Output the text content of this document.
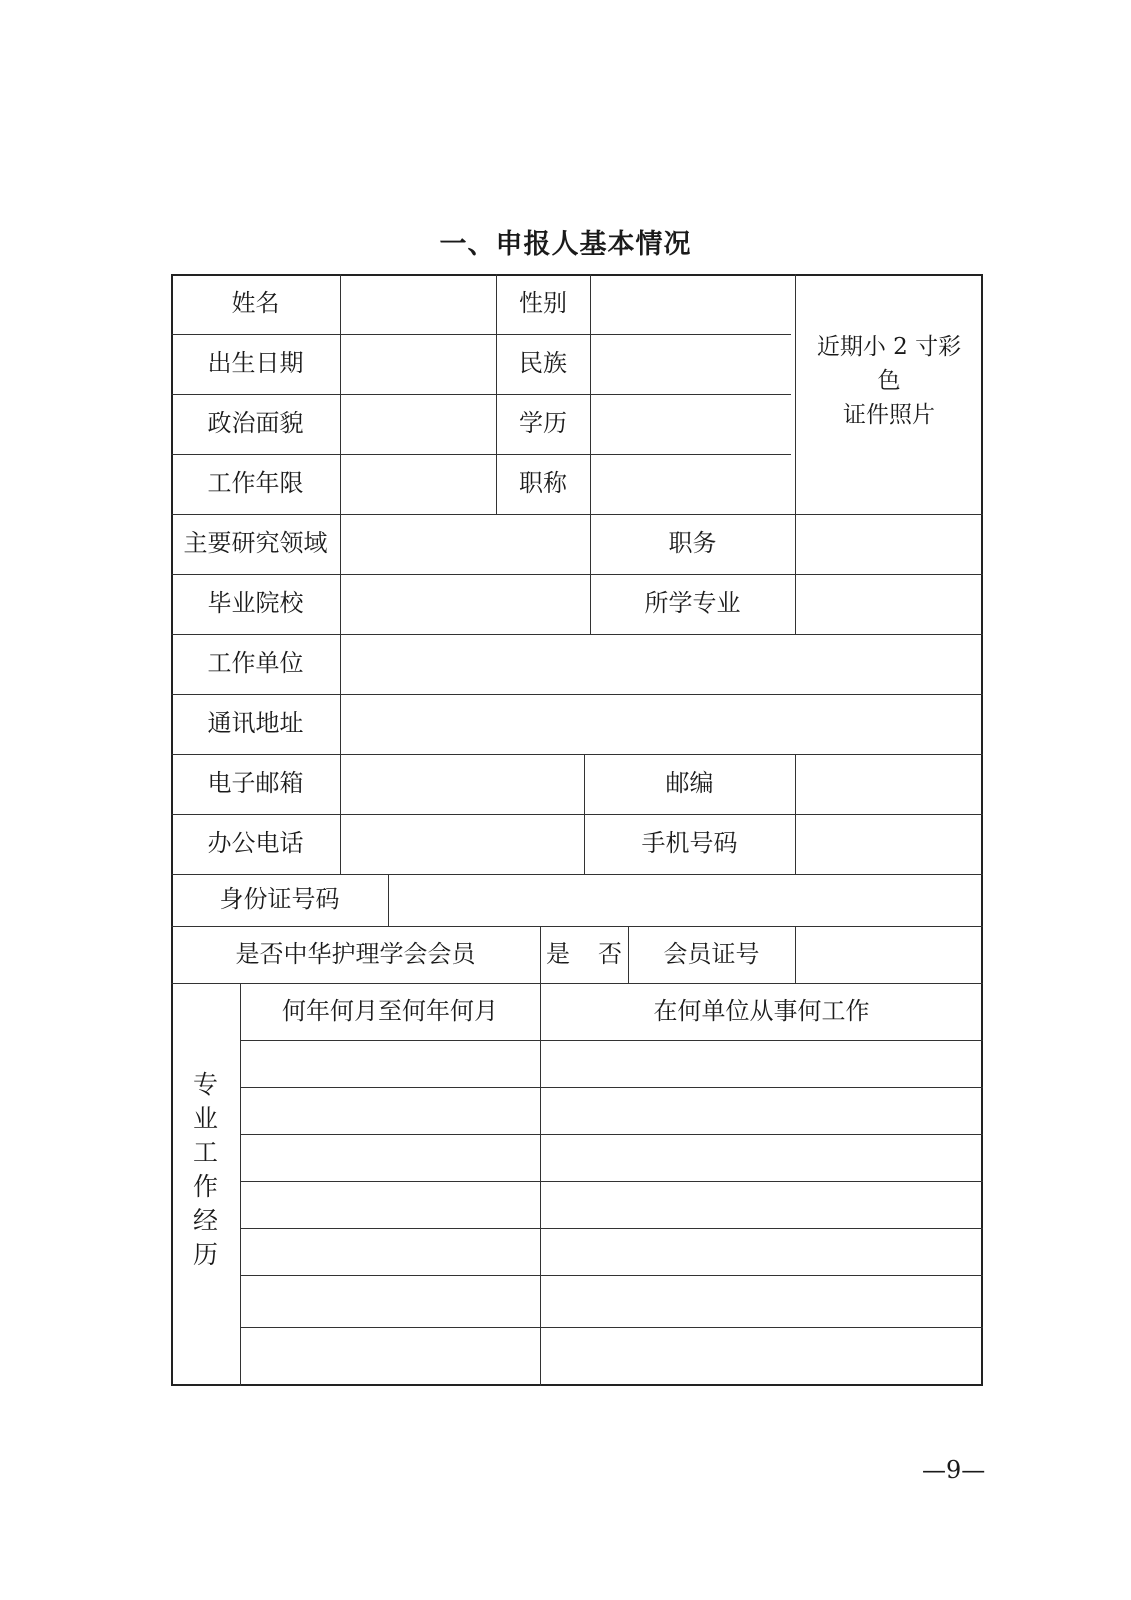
一、申报人基本情况
姓名	性别
出生日期	民族
政治面貌	学历
工作年限	职称
近期小 2 寸彩
色
证件照片
主要研究领域	职务
毕业院校	所学专业
工作单位
通讯地址
电子邮箱	邮编
办公电话	手机号码
身份证号码
是否中华护理学会会员	是 否	会员证号
专
业
工
作
经
历
何年何月至何年何月	在何单位从事何工作
—9—
